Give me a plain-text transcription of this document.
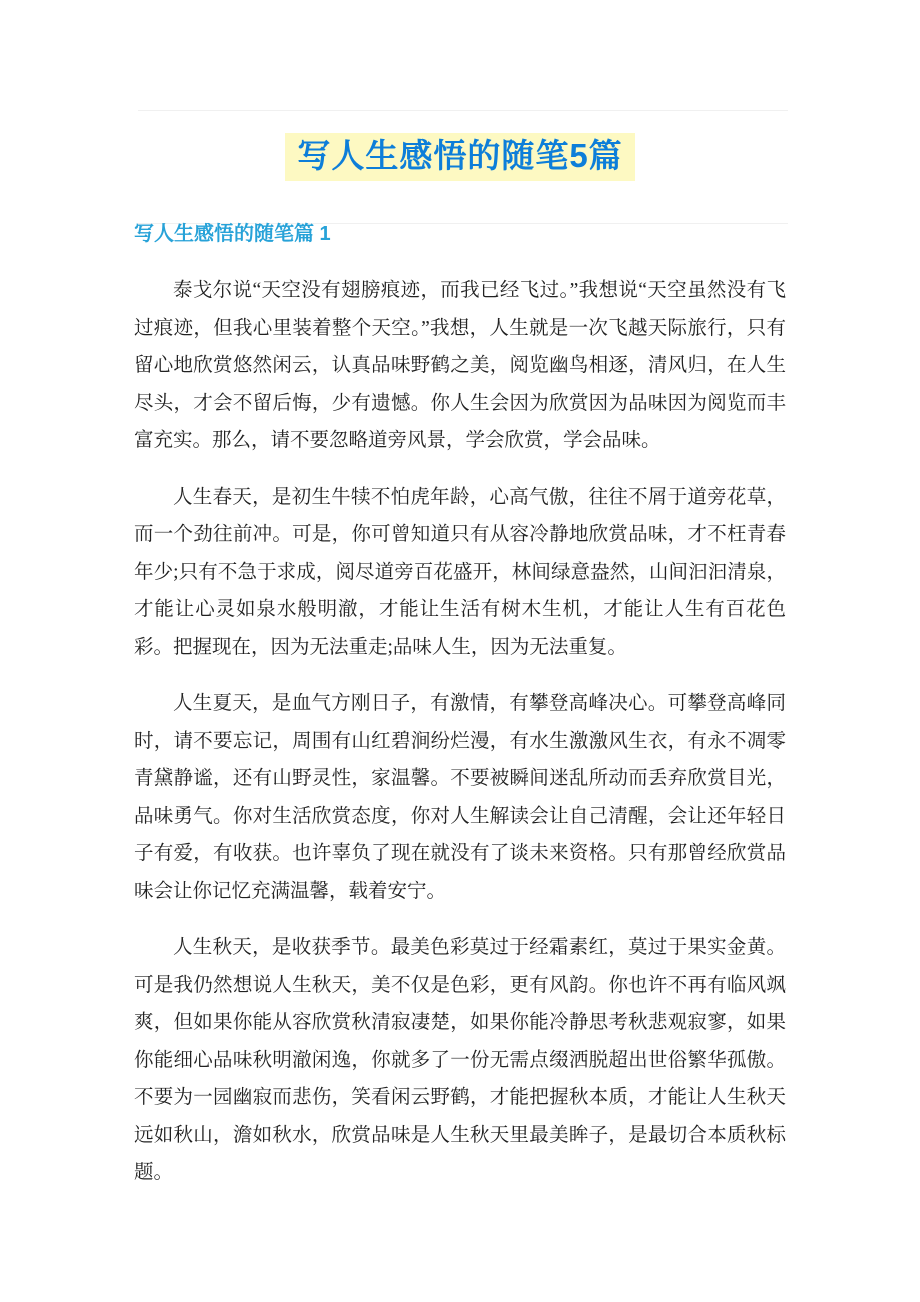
写人生感悟的随笔5篇
写人生感悟的随笔篇 1

泰戈尔说“天空没有翅膀痕迹，而我已经飞过。”我想说“天空虽然没有飞过痕迹，但我心里装着整个天空。”我想，人生就是一次飞越天际旅行，只有留心地欣赏悠然闲云，认真品味野鹤之美，阅览幽鸟相逐，清风归，在人生尽头，才会不留后悔，少有遗憾。你人生会因为欣赏因为品味因为阅览而丰富充实。那么，请不要忽略道旁风景，学会欣赏，学会品味。

人生春天，是初生牛犊不怕虎年龄，心高气傲，往往不屑于道旁花草，而一个劲往前冲。可是，你可曾知道只有从容冷静地欣赏品味，才不枉青春年少;只有不急于求成，阅尽道旁百花盛开，林间绿意盎然，山间汩汩清泉，才能让心灵如泉水般明澈，才能让生活有树木生机，才能让人生有百花色彩。把握现在，因为无法重走;品味人生，因为无法重复。

人生夏天，是血气方刚日子，有激情，有攀登高峰决心。可攀登高峰同时，请不要忘记，周围有山红碧涧纷烂漫，有水生激激风生衣，有永不凋零青黛静谧，还有山野灵性，家温馨。不要被瞬间迷乱所动而丢弃欣赏目光，品味勇气。你对生活欣赏态度，你对人生解读会让自己清醒，会让还年轻日子有爱，有收获。也许辜负了现在就没有了谈未来资格。只有那曾经欣赏品味会让你记忆充满温馨，载着安宁。

人生秋天，是收获季节。最美色彩莫过于经霜素红，莫过于果实金黄。可是我仍然想说人生秋天，美不仅是色彩，更有风韵。你也许不再有临风飒爽，但如果你能从容欣赏秋清寂凄楚，如果你能冷静思考秋悲观寂寥，如果你能细心品味秋明澈闲逸，你就多了一份无需点缀洒脱超出世俗繁华孤傲。不要为一园幽寂而悲伤，笑看闲云野鹤，才能把握秋本质，才能让人生秋天远如秋山，澹如秋水，欣赏品味是人生秋天里最美眸子，是最切合本质秋标题。
